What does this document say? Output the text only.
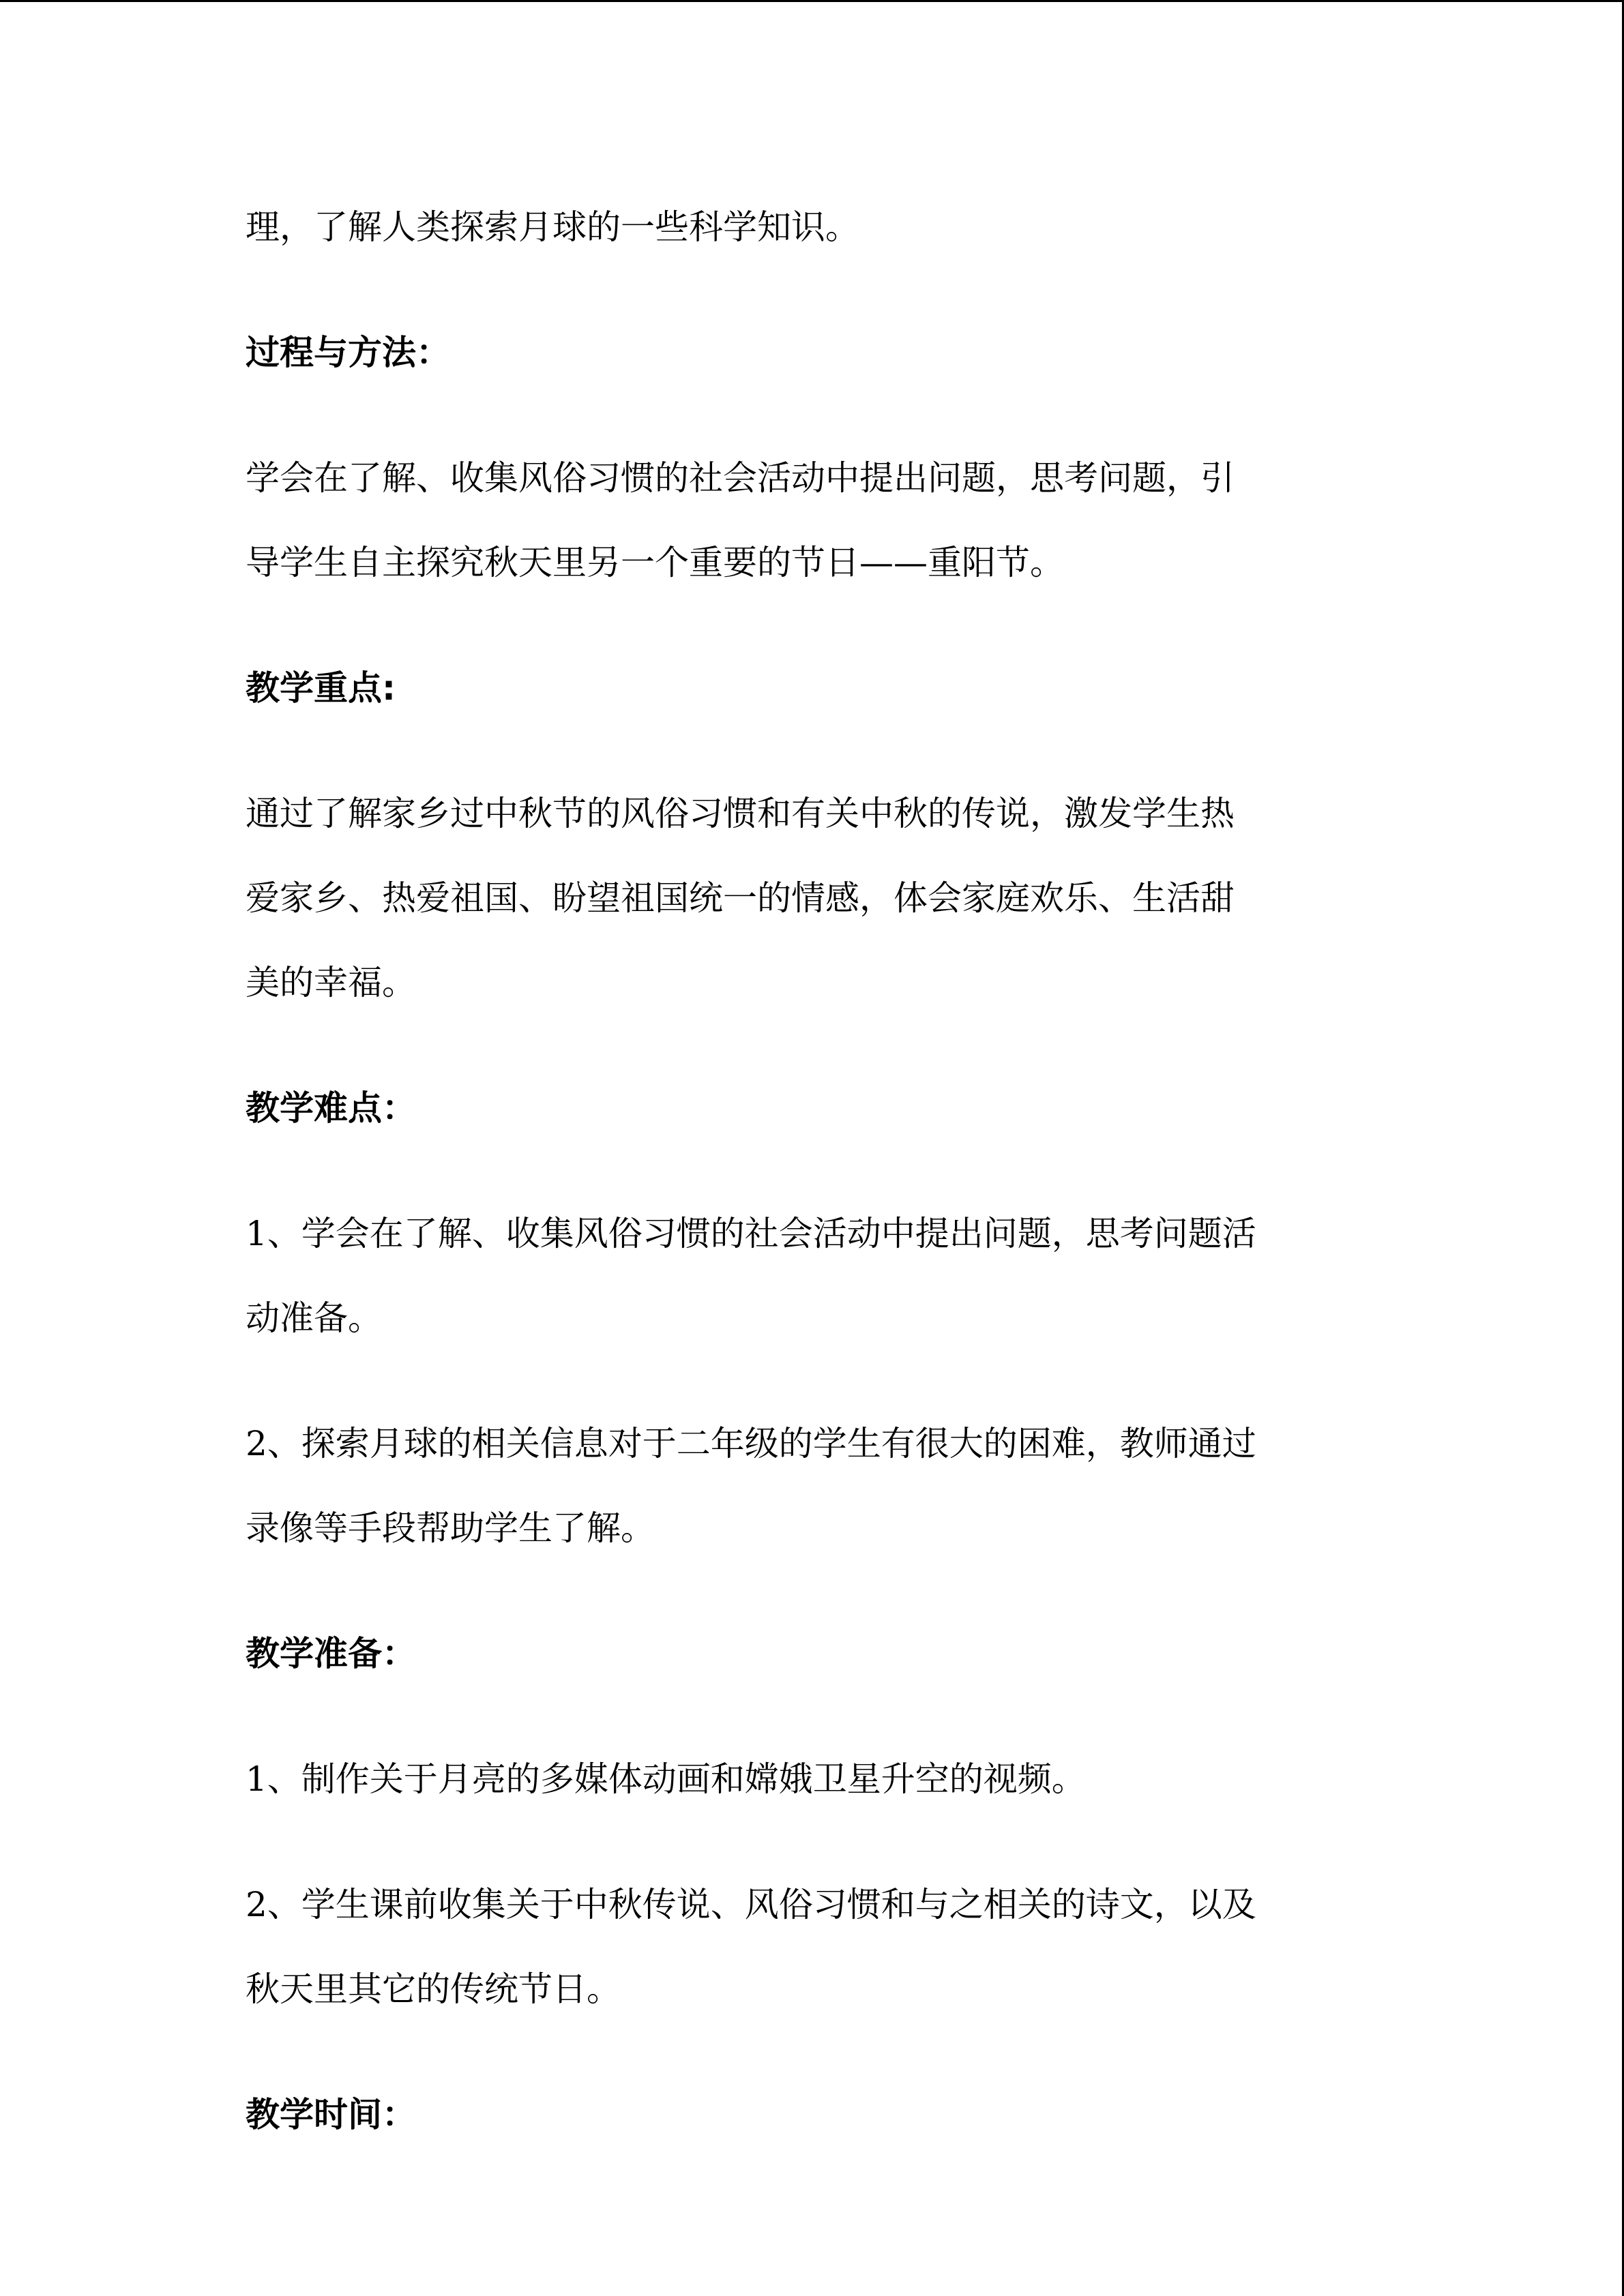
理，了解人类探索月球的一些科学知识。

过程与方法：

学会在了解、收集风俗习惯的社会活动中提出问题，思考问题，引

导学生自主探究秋天里另一个重要的节日——重阳节。

教学重点:

通过了解家乡过中秋节的风俗习惯和有关中秋的传说，激发学生热

爱家乡、热爱祖国、盼望祖国统一的情感，体会家庭欢乐、生活甜

美的幸福。

教学难点：

1、学会在了解、收集风俗习惯的社会活动中提出问题，思考问题活

动准备。

2、探索月球的相关信息对于二年级的学生有很大的困难，教师通过

录像等手段帮助学生了解。

教学准备：

1、制作关于月亮的多媒体动画和嫦娥卫星升空的视频。

2、学生课前收集关于中秋传说、风俗习惯和与之相关的诗文，以及

秋天里其它的传统节日。

教学时间：
